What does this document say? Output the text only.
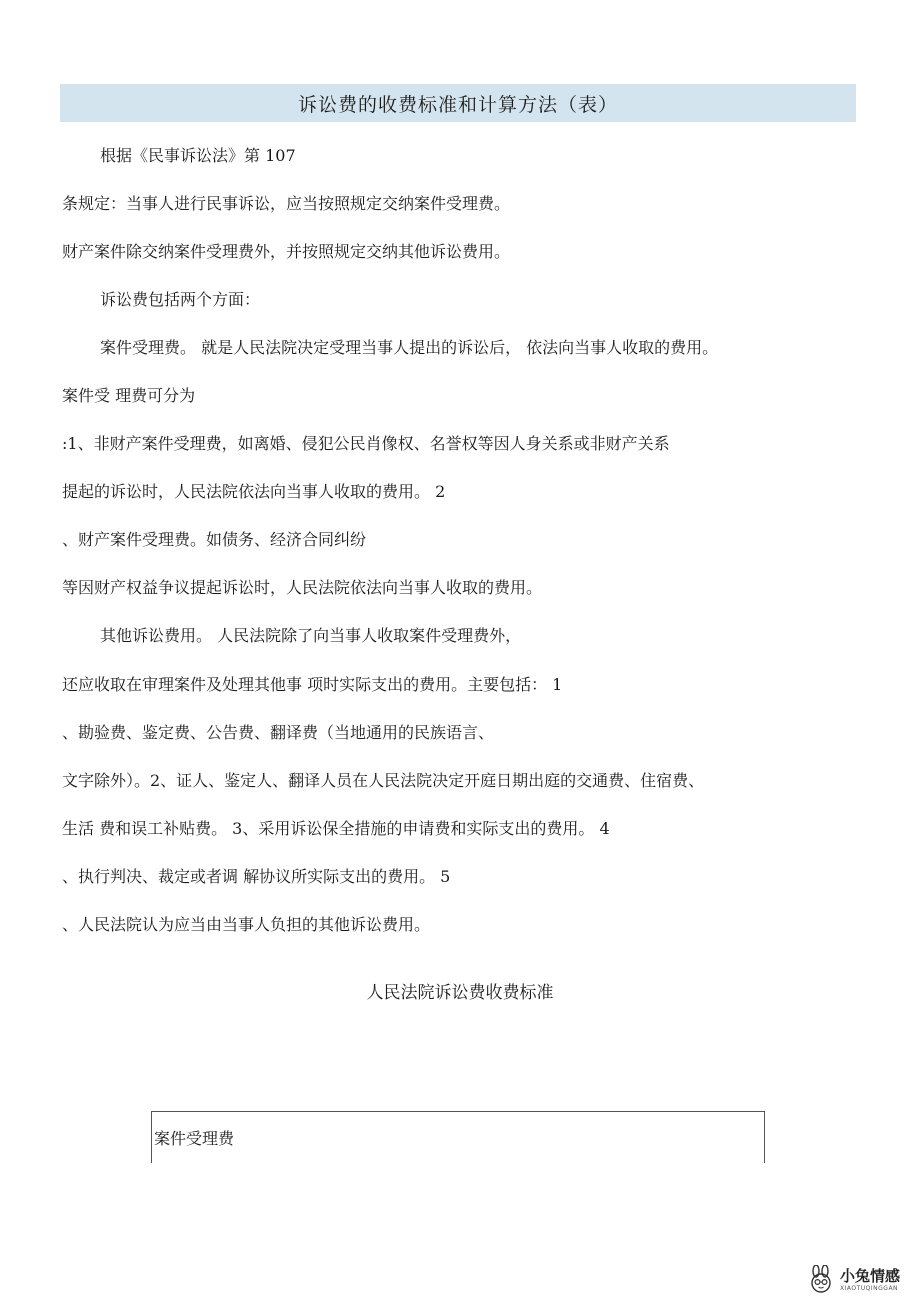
诉讼费的收费标准和计算方法（表）
根据《民事诉讼法》第 107
条规定：当事人进行民事诉讼，应当按照规定交纳案件受理费。
财产案件除交纳案件受理费外，并按照规定交纳其他诉讼费用。
诉讼费包括两个方面：
案件受理费。 就是人民法院决定受理当事人提出的诉讼后， 依法向当事人收取的费用。
案件受 理费可分为
:1、非财产案件受理费，如离婚、侵犯公民肖像权、名誉权等因人身关系或非财产关系
提起的诉讼时，人民法院依法向当事人收取的费用。 2
、财产案件受理费。如债务、经济合同纠纷
等因财产权益争议提起诉讼时，人民法院依法向当事人收取的费用。
其他诉讼费用。 人民法院除了向当事人收取案件受理费外，
还应收取在审理案件及处理其他事 项时实际支出的费用。主要包括： 1
、勘验费、鉴定费、公告费、翻译费（当地通用的民族语言、
文字除外）。2、证人、鉴定人、翻译人员在人民法院决定开庭日期出庭的交通费、住宿费、
生活 费和误工补贴费。 3、采用诉讼保全措施的申请费和实际支出的费用。 4
、执行判决、裁定或者调 解协议所实际支出的费用。 5
、人民法院认为应当由当事人负担的其他诉讼费用。
人民法院诉讼费收费标准
案件受理费
小兔情感
XIAOTUQINGGAN
